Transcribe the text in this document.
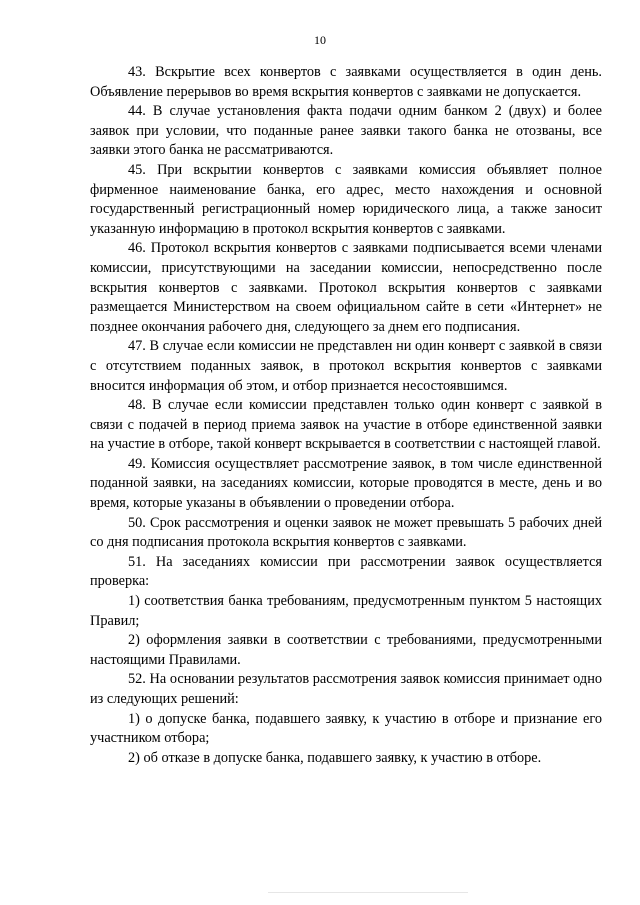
10

43. Вскрытие всех конвертов с заявками осуществляется в один день. Объявление перерывов во время вскрытия конвертов с заявками не допускается.

44. В случае установления факта подачи одним банком 2 (двух) и более заявок при условии, что поданные ранее заявки такого банка не отозваны, все заявки этого банка не рассматриваются.

45. При вскрытии конвертов с заявками комиссия объявляет полное фирменное наименование банка, его адрес, место нахождения и основной государственный регистрационный номер юридического лица, а также заносит указанную информацию в протокол вскрытия конвертов с заявками.

46. Протокол вскрытия конвертов с заявками подписывается всеми членами комиссии, присутствующими на заседании комиссии, непосредственно после вскрытия конвертов с заявками. Протокол вскрытия конвертов с заявками размещается Министерством на своем официальном сайте в сети «Интернет» не позднее окончания рабочего дня, следующего за днем его подписания.

47. В случае если комиссии не представлен ни один конверт с заявкой в связи с отсутствием поданных заявок, в протокол вскрытия конвертов с заявками вносится информация об этом, и отбор признается несостоявшимся.

48. В случае если комиссии представлен только один конверт с заявкой в связи с подачей в период приема заявок на участие в отборе единственной заявки на участие в отборе, такой конверт вскрывается в соответствии с настоящей главой.

49. Комиссия осуществляет рассмотрение заявок, в том числе единственной поданной заявки, на заседаниях комиссии, которые проводятся в месте, день и во время, которые указаны в объявлении о проведении отбора.

50. Срок рассмотрения и оценки заявок не может превышать 5 рабочих дней со дня подписания протокола вскрытия конвертов с заявками.

51. На заседаниях комиссии при рассмотрении заявок осуществляется проверка:

1) соответствия банка требованиям, предусмотренным пунктом 5 настоящих Правил;

2) оформления заявки в соответствии с требованиями, предусмотренными настоящими Правилами.

52. На основании результатов рассмотрения заявок комиссия принимает одно из следующих решений:

1) о допуске банка, подавшего заявку, к участию в отборе и признание его участником отбора;

2) об отказе в допуске банка, подавшего заявку, к участию в отборе.
